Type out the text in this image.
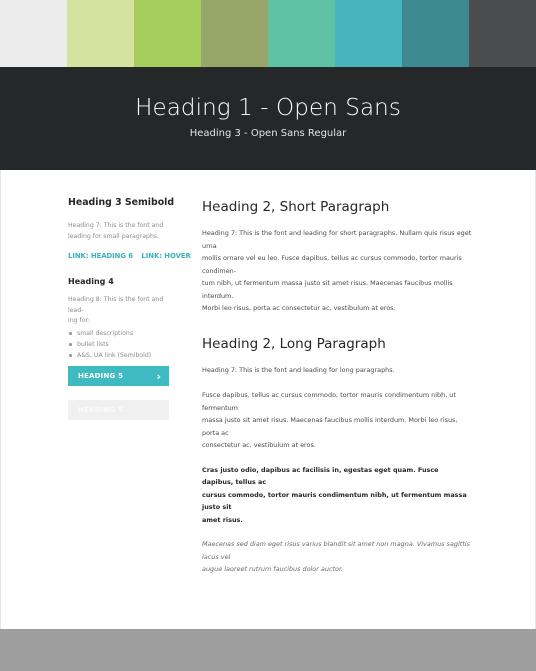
Heading 1 - Open Sans
Heading 3 - Open Sans Regular
Heading 3 Semibold
Heading 7: This is the font and
leading for small paragraphs.
LINK: HEADING 6 LINK: HOVER
Heading 4
Heading 8: This is the font and lead-
ing for:
small descriptions
bullet lists
A&S, UA link (Semibold)
HEADING 5	›
HEADING 5
Heading 2, Short Paragraph

Heading 7: This is the font and leading for short paragraphs. Nullam quis risus eget urna
mollis ornare vel eu leo. Fusce dapibus, tellus ac cursus commodo, tortor mauris condimen-
tum nibh, ut fermentum massa justo sit amet risus. Maecenas faucibus mollis interdum.
Morbi leo risus, porta ac consectetur ac, vestibulum at eros.

Heading 2, Long Paragraph

Heading 7: This is the font and leading for long paragraphs.

Fusce dapibus, tellus ac cursus commodo, tortor mauris condimentum nibh, ut fermentum
massa justo sit amet risus. Maecenas faucibus mollis interdum. Morbi leo risus, porta ac
consectetur ac, vestibulum at eros.

Cras justo odio, dapibus ac facilisis in, egestas eget quam. Fusce dapibus, tellus ac
cursus commodo, tortor mauris condimentum nibh, ut fermentum massa justo sit
amet risus.

Maecenas sed diam eget risus varius blandit sit amet non magna. Vivamus sagittis lacus vel
augue laoreet rutrum faucibus dolor auctor.
